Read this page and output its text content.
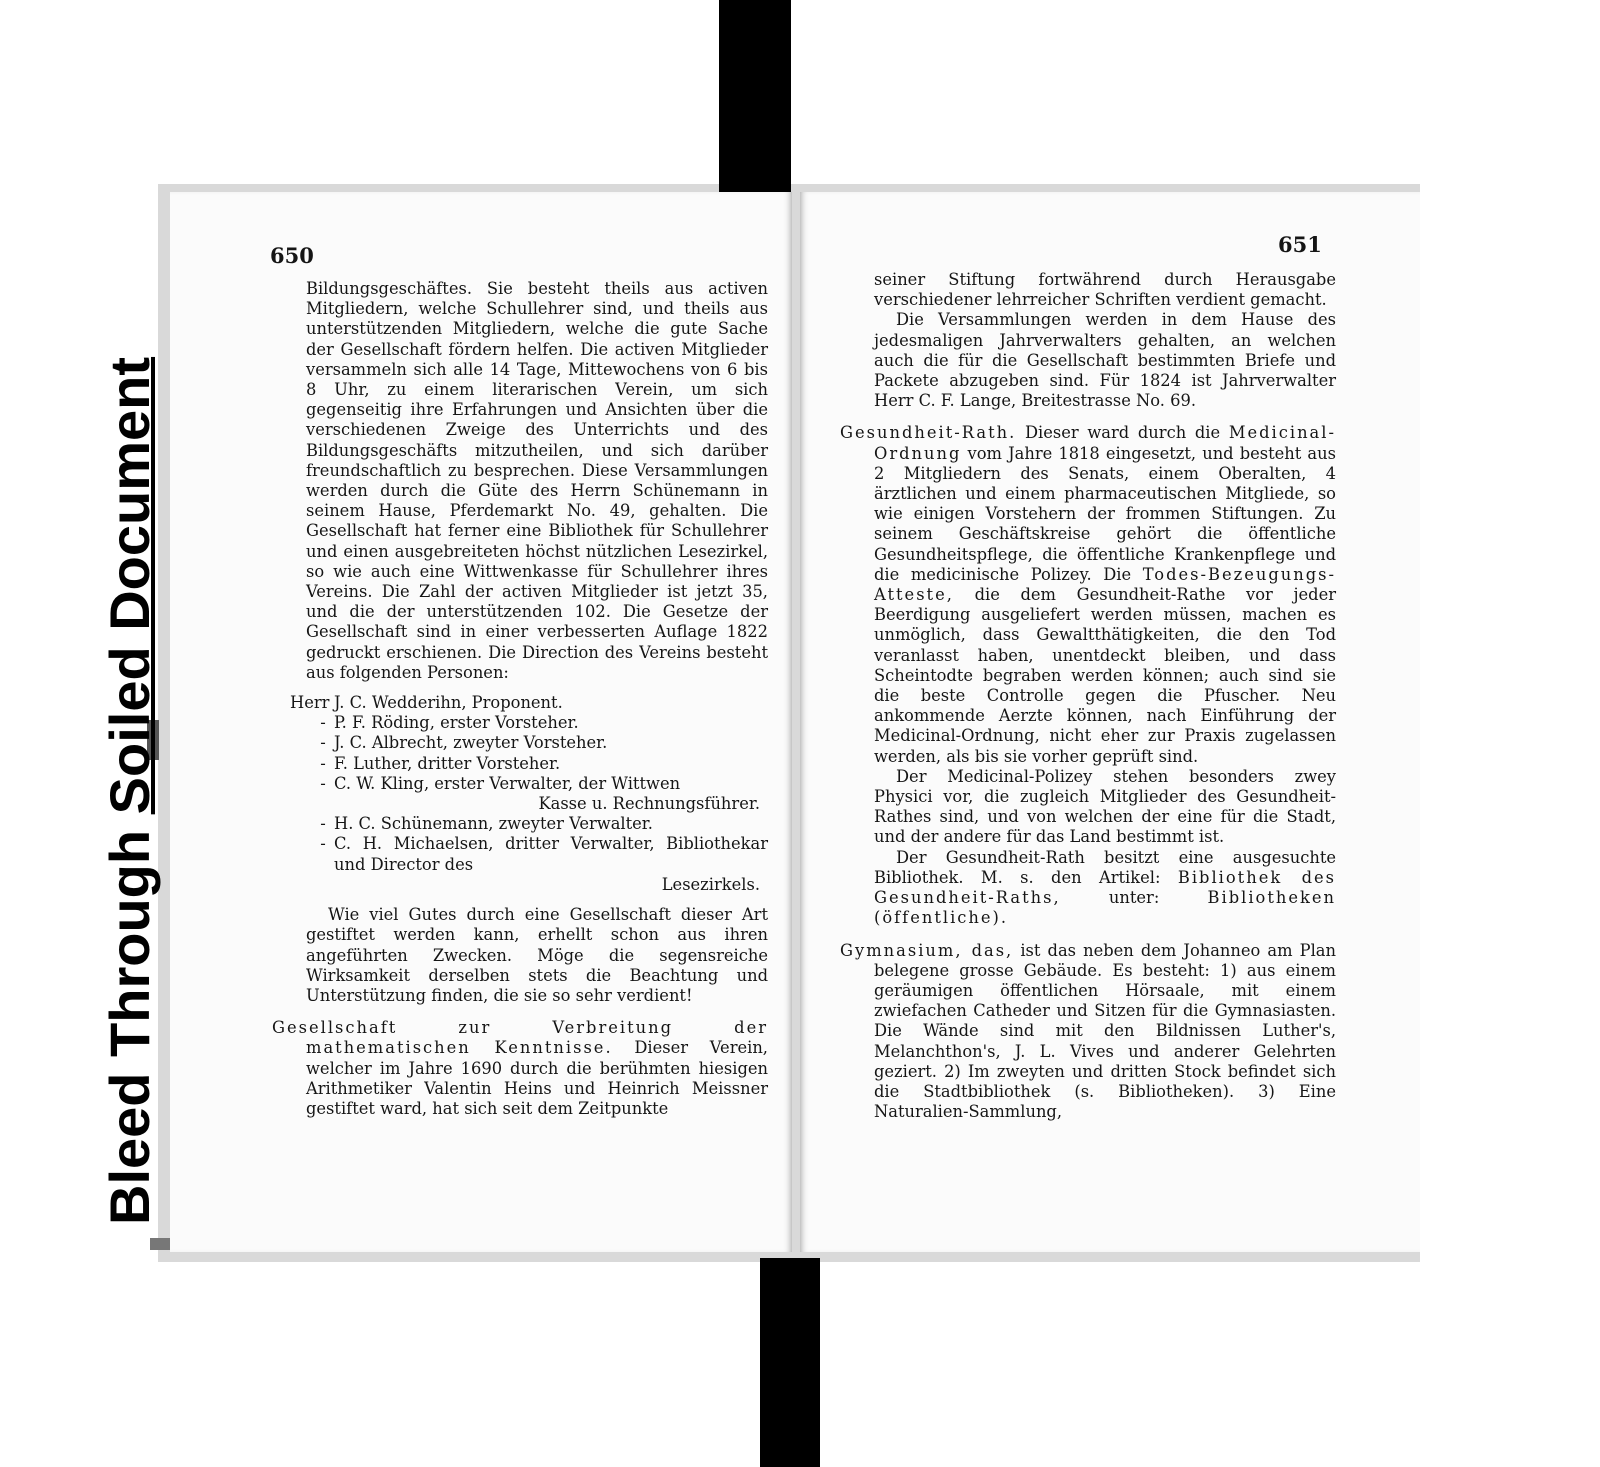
Bleed Through Soiled Document
650

Bildungsgeschäftes. Sie besteht theils aus activen Mitgliedern, welche Schullehrer sind, und theils aus unterstützenden Mitgliedern, welche die gute Sache der Gesellschaft fördern helfen. Die activen Mitglieder versammeln sich alle 14 Tage, Mittewochens von 6 bis 8 Uhr, zu einem literarischen Verein, um sich gegenseitig ihre Erfahrungen und Ansichten über die verschiedenen Zweige des Unterrichts und des Bildungsgeschäfts mitzutheilen, und sich darüber freundschaftlich zu besprechen. Diese Versammlungen werden durch die Güte des Herrn Schünemann in seinem Hause, Pferdemarkt No. 49, gehalten. Die Gesellschaft hat ferner eine Bibliothek für Schullehrer und einen ausgebreiteten höchst nützlichen Lesezirkel, so wie auch eine Wittwenkasse für Schullehrer ihres Vereins. Die Zahl der activen Mitglieder ist jetzt 35, und die der unterstützenden 102. Die Gesetze der Gesellschaft sind in einer verbesserten Auflage 1822 gedruckt erschienen. Die Direction des Vereins besteht aus folgenden Personen:

Herr J. C. Wedderihn, Proponent.
- P. F. Röding, erster Vorsteher.
- J. C. Albrecht, zweyter Vorsteher.
- F. Luther, dritter Vorsteher.
- C. W. Kling, erster Verwalter, der Wittwen
Kasse u. Rechnungsführer.
- H. C. Schünemann, zweyter Verwalter.
- C. H. Michaelsen, dritter Verwalter, Bibliothekar und Director des
Lesezirkels.

Wie viel Gutes durch eine Gesellschaft dieser Art gestiftet werden kann, erhellt schon aus ihren angeführten Zwecken. Möge die segensreiche Wirksamkeit derselben stets die Beachtung und Unterstützung finden, die sie so sehr verdient!

Gesellschaft zur Verbreitung der mathematischen Kenntnisse. Dieser Verein, welcher im Jahre 1690 durch die berühmten hiesigen Arithmetiker Valentin Heins und Heinrich Meissner gestiftet ward, hat sich seit dem Zeitpunkte

651

seiner Stiftung fortwährend durch Herausgabe verschiedener lehrreicher Schriften verdient gemacht.

Die Versammlungen werden in dem Hause des jedesmaligen Jahrverwalters gehalten, an welchen auch die für die Gesellschaft bestimmten Briefe und Packete abzugeben sind. Für 1824 ist Jahrverwalter Herr C. F. Lange, Breitestrasse No. 69.

Gesundheit-Rath. Dieser ward durch die Medicinal-Ordnung vom Jahre 1818 eingesetzt, und besteht aus 2 Mitgliedern des Senats, einem Oberalten, 4 ärztlichen und einem pharmaceutischen Mitgliede, so wie einigen Vorstehern der frommen Stiftungen. Zu seinem Geschäftskreise gehört die öffentliche Gesundheitspflege, die öffentliche Krankenpflege und die medicinische Polizey. Die Todes-Bezeugungs-Atteste, die dem Gesundheit-Rathe vor jeder Beerdigung ausgeliefert werden müssen, machen es unmöglich, dass Gewaltthätigkeiten, die den Tod veranlasst haben, unentdeckt bleiben, und dass Scheintodte begraben werden können; auch sind sie die beste Controlle gegen die Pfuscher. Neu ankommende Aerzte können, nach Einführung der Medicinal-Ordnung, nicht eher zur Praxis zugelassen werden, als bis sie vorher geprüft sind.

Der Medicinal-Polizey stehen besonders zwey Physici vor, die zugleich Mitglieder des Gesundheit-Rathes sind, und von welchen der eine für die Stadt, und der andere für das Land bestimmt ist.

Der Gesundheit-Rath besitzt eine ausgesuchte Bibliothek. M. s. den Artikel: Bibliothek des Gesundheit-Raths,	unter:	Bibliotheken (öffentliche).

Gymnasium, das, ist das neben dem Johanneo am Plan belegene grosse Gebäude. Es besteht: 1) aus einem geräumigen öffentlichen Hörsaale, mit einem zwiefachen Catheder und Sitzen für die Gymnasiasten. Die Wände sind mit den Bildnissen Luther's, Melanchthon's, J. L. Vives und anderer Gelehrten geziert. 2) Im zweyten und dritten Stock befindet sich die Stadtbibliothek (s. Bibliotheken). 3) Eine Naturalien-Sammlung,
